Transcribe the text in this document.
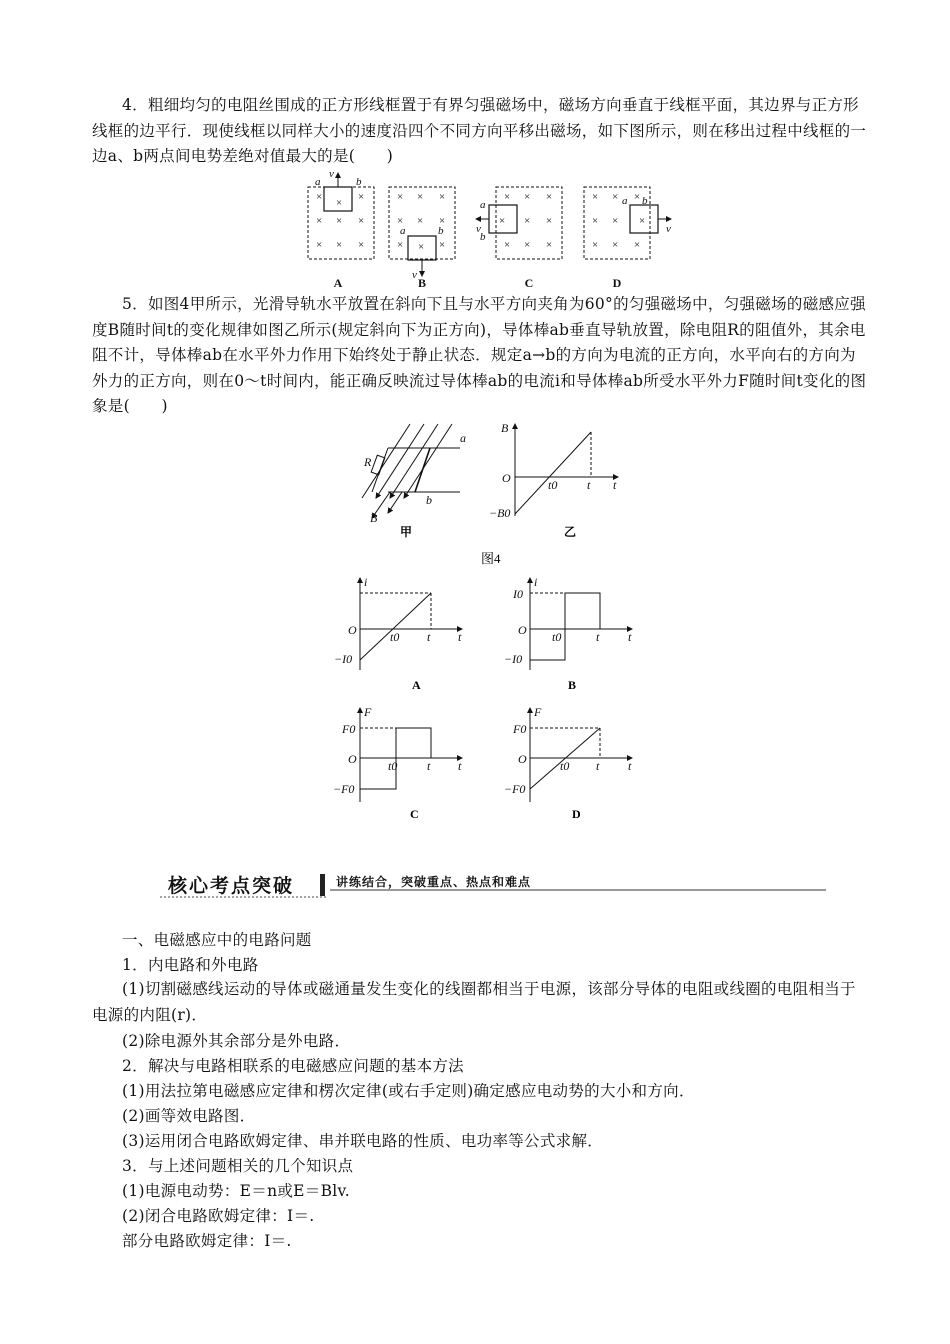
4．粗细均匀的电阻丝围成的正方形线框置于有界匀强磁场中，磁场方向垂直于线框平面，其边界与正方形线框的边平行．现使线框以同样大小的速度沿四个不同方向平移出磁场，如下图所示，则在移出过程中线框的一边a、b两点间电势差绝对值最大的是(　　)
× × ×
× × ×
× × ×
× × ×
× × ×
× × ×
× × ×
× × ×
× × ×
× × ×
× × ×
× × ×
a	b
v
a	b
v
a
b
v
a b
v
A	B	C	D
5．如图4甲所示，光滑导轨水平放置在斜向下且与水平方向夹角为60°的匀强磁场中，匀强磁场的磁感应强度B随时间t的变化规律如图乙所示(规定斜向下为正方向)，导体棒ab垂直导轨放置，除电阻R的阻值外，其余电阻不计，导体棒ab在水平外力作用下始终处于静止状态．规定a→b的方向为电流的正方向，水平向右的方向为外力的正方向，则在0～t时间内，能正确反映流过导体棒ab的电流i和导体棒ab所受水平外力F随时间t变化的图象是(　　)
R
a
b
B
甲
B
O	t0 t t
−B0
乙
图4
i
O	t0 t t
−I0
A
i
I0
O t0	t t
−I0
B
F
F0
O	t0 t t
−F0
C
F
F0
O	t0 t t
−F0
D
核心考点突破	讲练结合，突破重点、热点和难点
一、电磁感应中的电路问题
1．内电路和外电路
(1)切割磁感线运动的导体或磁通量发生变化的线圈都相当于电源，该部分导体的电阻或线圈的电阻相当于电源的内阻(r)．
(2)除电源外其余部分是外电路．
2．解决与电路相联系的电磁感应问题的基本方法
(1)用法拉第电磁感应定律和楞次定律(或右手定则)确定感应电动势的大小和方向．
(2)画等效电路图．
(3)运用闭合电路欧姆定律、串并联电路的性质、电功率等公式求解．
3．与上述问题相关的几个知识点
(1)电源电动势：E＝n或E＝Blv.
(2)闭合电路欧姆定律：I＝.
部分电路欧姆定律：I＝.
